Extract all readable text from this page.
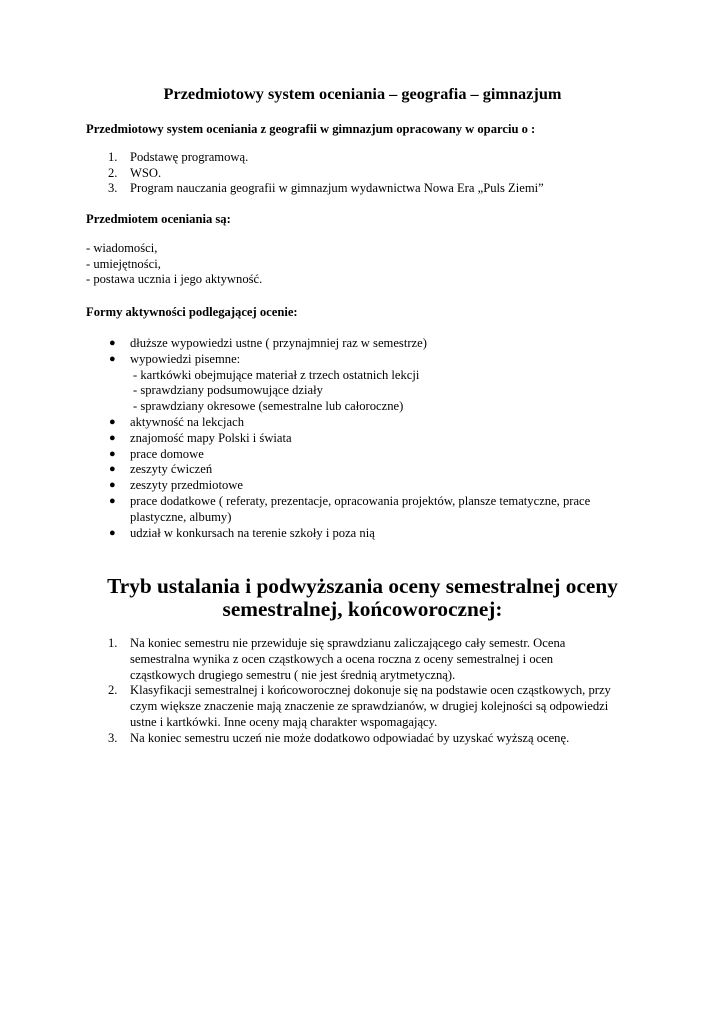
Przedmiotowy system oceniania – geografia – gimnazjum
Przedmiotowy system oceniania z geografii w gimnazjum opracowany w oparciu o :
1. Podstawę programową.
2. WSO.
3. Program nauczania geografii w gimnazjum wydawnictwa Nowa Era „Puls Ziemi”
Przedmiotem oceniania są:
- wiadomości,
- umiejętności,
- postawa ucznia i jego aktywność.
Formy aktywności podlegającej ocenie:
●	dłuższe wypowiedzi ustne ( przynajmniej raz w semestrze)
●	wypowiedzi pisemne:
- kartkówki obejmujące materiał z trzech ostatnich lekcji
- sprawdziany podsumowujące działy
- sprawdziany okresowe (semestralne lub całoroczne)
●	aktywność na lekcjach
●	znajomość mapy Polski i świata
●	prace domowe
●	zeszyty ćwiczeń
●	zeszyty przedmiotowe
●	prace dodatkowe ( referaty, prezentacje, opracowania projektów, plansze tematyczne, prace plastyczne, albumy)
●	udział w konkursach na terenie szkoły i poza nią
Tryb ustalania i podwyższania oceny semestralnej oceny
semestralnej, końcoworocznej:
1. Na koniec semestru nie przewiduje się sprawdzianu zaliczającego cały semestr. Ocena semestralna wynika z ocen cząstkowych a ocena roczna z oceny semestralnej i ocen cząstkowych drugiego semestru ( nie jest średnią arytmetyczną).
2. Klasyfikacji semestralnej i końcoworocznej dokonuje się na podstawie ocen cząstkowych, przy czym większe znaczenie mają znaczenie ze sprawdzianów, w drugiej kolejności są odpowiedzi ustne i kartkówki. Inne oceny mają charakter wspomagający.
3. Na koniec semestru uczeń nie może dodatkowo odpowiadać by uzyskać wyższą ocenę.
